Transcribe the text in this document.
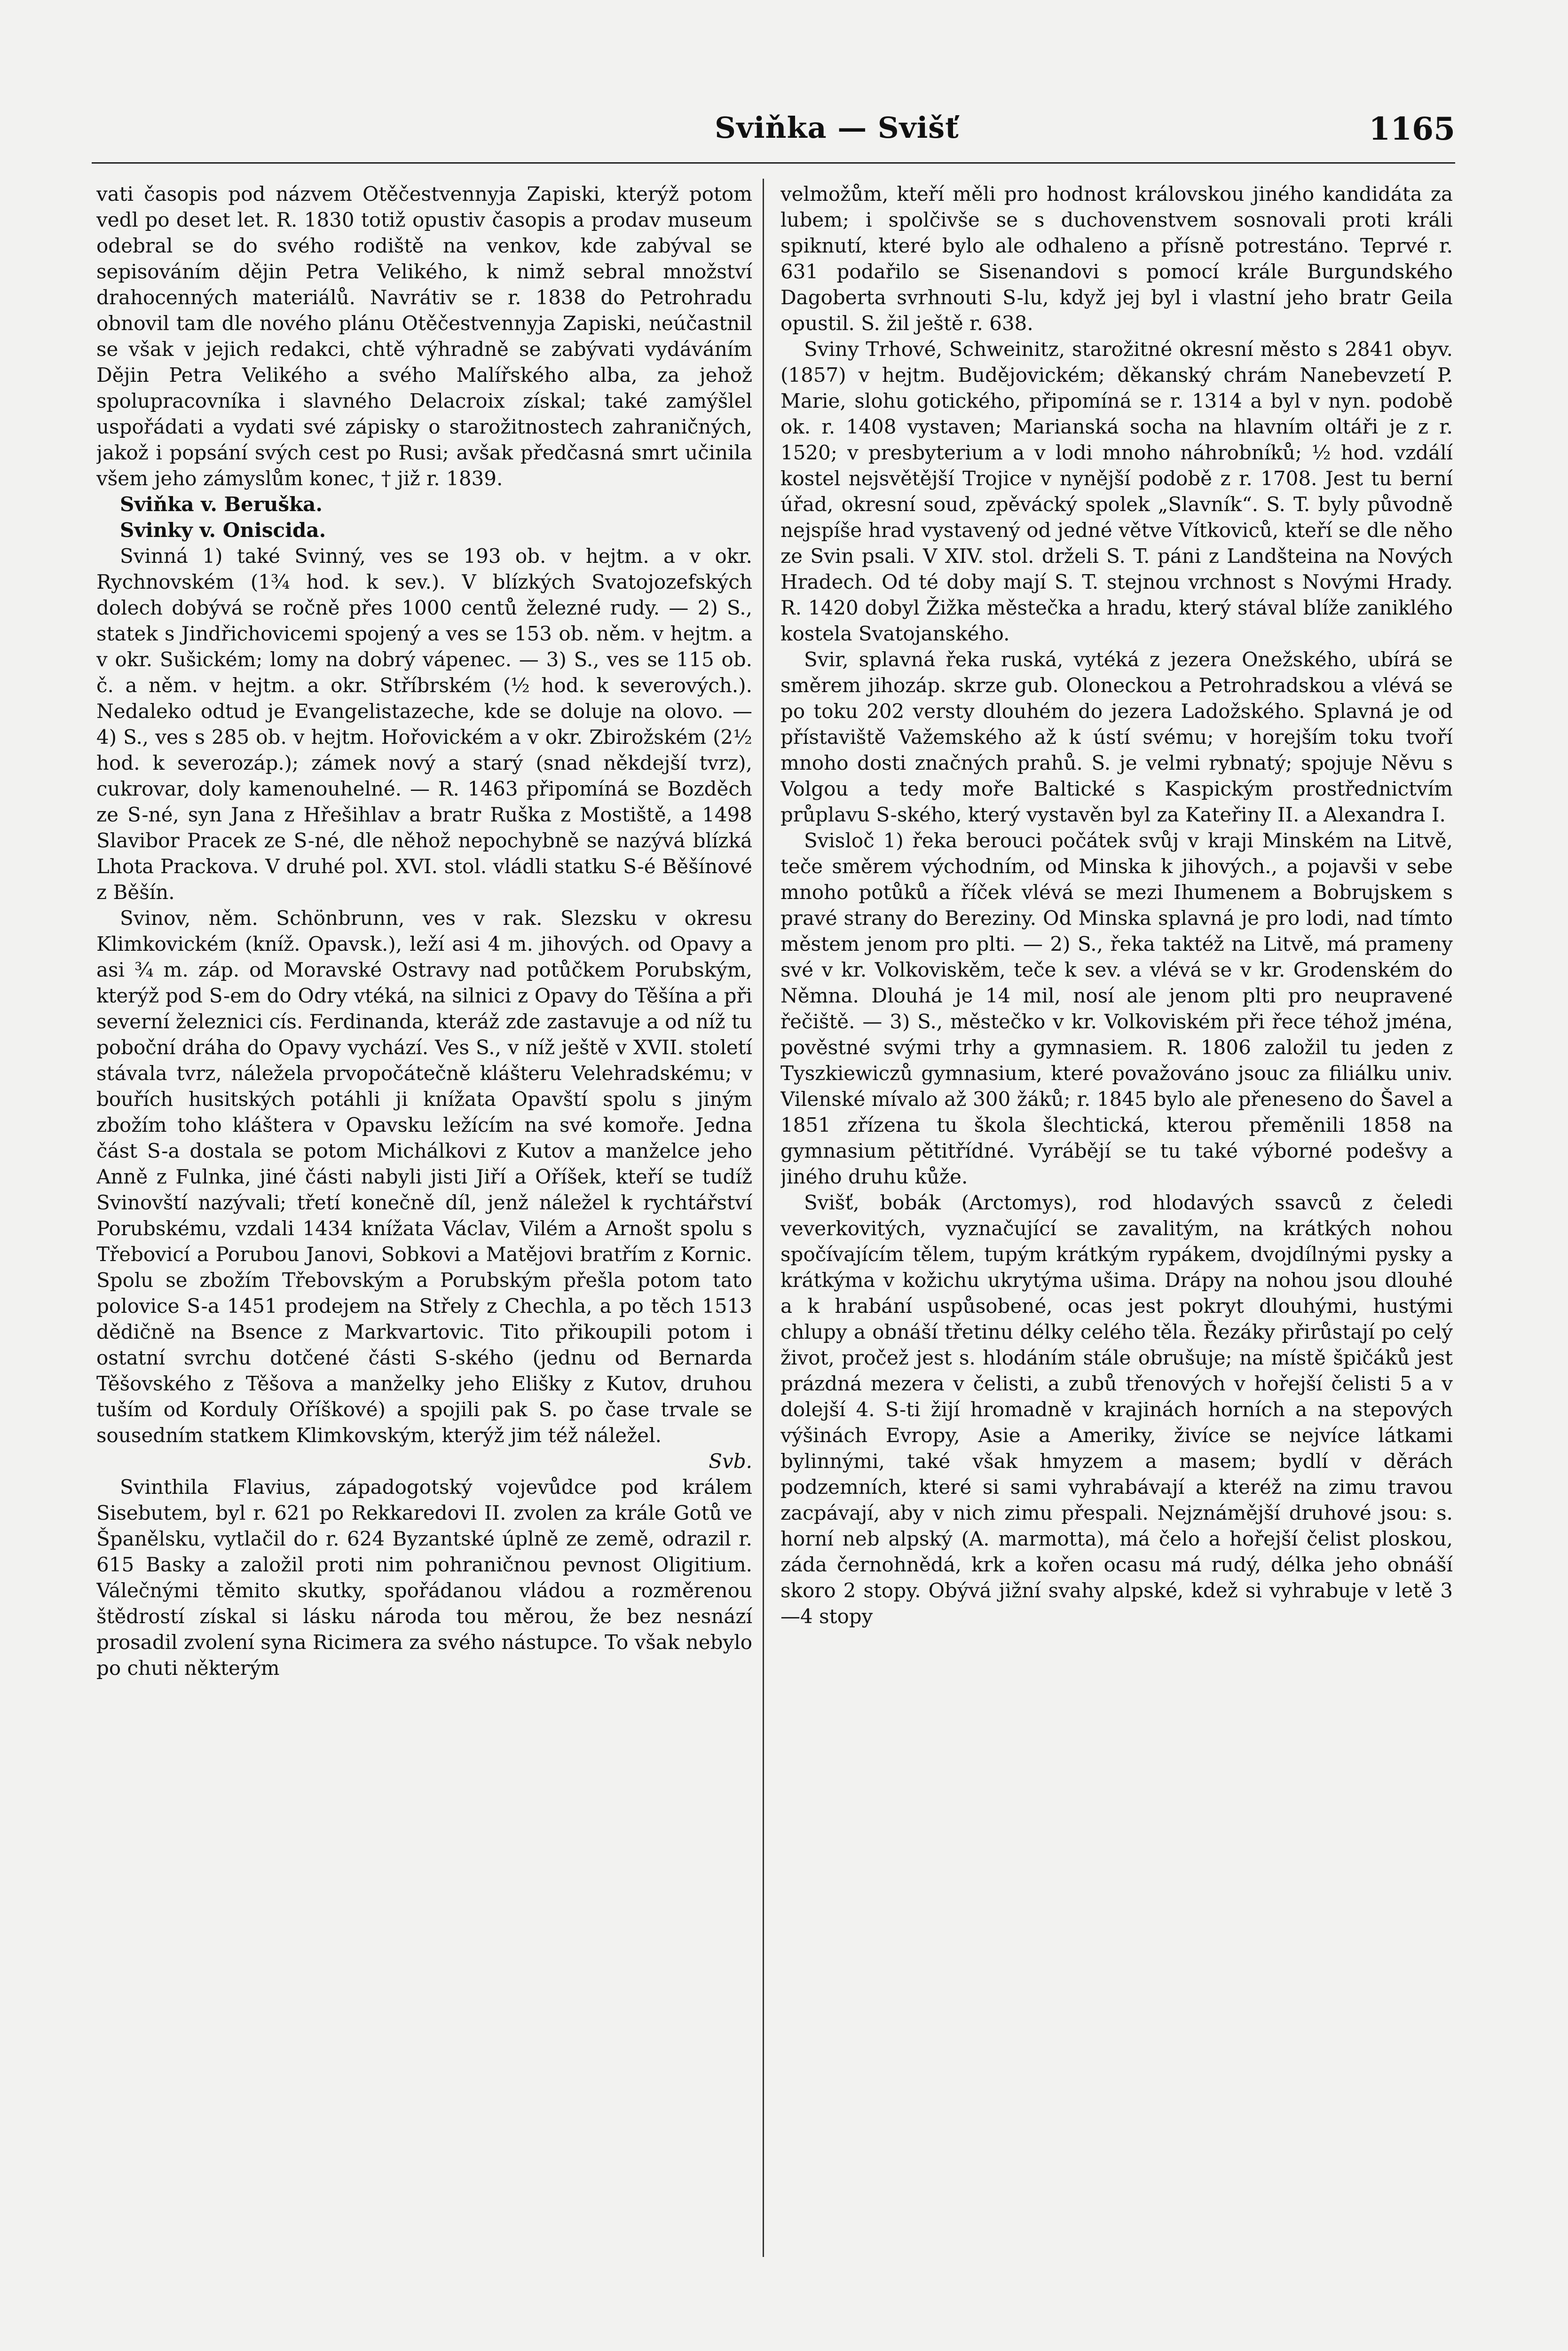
Sviňka — Svišť	1165

vati časopis pod názvem Otěčestvennyja Zapiski, kterýž potom vedl po deset let. R. 1830 totiž opustiv časopis a prodav museum odebral se do svého rodiště na venkov, kde zabýval se sepisováním dějin Petra Velikého, k nimž sebral množství drahocenných materiálů. Navrátiv se r. 1838 do Petrohradu obnovil tam dle nového plánu Otěčestvennyja Zapiski, neúčastnil se však v jejich redakci, chtě výhradně se zabývati vydáváním Dějin Petra Velikého a svého Malířského alba, za jehož spolupracovníka i slavného Delacroix získal; také zamýšlel uspořádati a vydati své zápisky o starožitnostech zahraničných, jakož i popsání svých cest po Rusi; avšak předčasná smrt učinila všem jeho zámyslům konec, † již r. 1839.

Sviňka v. Beruška.

Svinky v. Oniscida.

Svinná 1) také Svinný, ves se 193 ob. v hejtm. a v okr. Rychnovském (1¾ hod. k sev.). V blízkých Svatojozefských dolech dobývá se ročně přes 1000 centů železné rudy. — 2) S., statek s Jindřichovicemi spojený a ves se 153 ob. něm. v hejtm. a v okr. Sušickém; lomy na dobrý vápenec. — 3) S., ves se 115 ob. č. a něm. v hejtm. a okr. Stříbrském (½ hod. k severových.). Nedaleko odtud je Evangelistazeche, kde se doluje na olovo. — 4) S., ves s 285 ob. v hejtm. Hořovickém a v okr. Zbirožském (2½ hod. k severozáp.); zámek nový a starý (snad někdejší tvrz), cukrovar, doly kamenouhelné. — R. 1463 připomíná se Bozděch ze S-né, syn Jana z Hřešihlav a bratr Ruška z Mostiště, a 1498 Slavibor Pracek ze S-né, dle něhož nepochybně se nazývá blízká Lhota Prackova. V druhé pol. XVI. stol. vládli statku S-é Běšínové z Běšín.

Svinov, něm. Schönbrunn, ves v rak. Slezsku v okresu Klimkovickém (kníž. Opavsk.), leží asi 4 m. jihových. od Opavy a asi ¾ m. záp. od Moravské Ostravy nad potůčkem Porubským, kterýž pod S-em do Odry vtéká, na silnici z Opavy do Těšína a při severní železnici cís. Ferdinanda, kteráž zde zastavuje a od níž tu poboční dráha do Opavy vychází. Ves S., v níž ještě v XVII. století stávala tvrz, náležela prvopočátečně klášteru Velehradskému; v bouřích husitských potáhli ji knížata Opavští spolu s jiným zbožím toho kláštera v Opavsku ležícím na své komoře. Jedna část S-a dostala se potom Michálkovi z Kutov a manželce jeho Anně z Fulnka, jiné části nabyli jisti Jiří a Oříšek, kteří se tudíž Svinovští nazývali; třetí konečně díl, jenž náležel k rychtářství Porubskému, vzdali 1434 knížata Václav, Vilém a Arnošt spolu s Třebovicí a Porubou Janovi, Sobkovi a Matějovi bratřím z Kornic. Spolu se zbožím Třebovským a Porubským přešla potom tato polovice S-a 1451 prodejem na Střely z Chechla, a po těch 1513 dědičně na Bsence z Markvartovic. Tito přikoupili potom i ostatní svrchu dotčené části S-ského (jednu od Bernarda Těšovského z Těšova a manželky jeho Elišky z Kutov, druhou tuším od Korduly Oříškové) a spojili pak S. po čase trvale se sousedním statkem Klimkovským, kterýž jim též náležel.

Svb.

Svinthila Flavius, západogotský vojevůdce pod králem Sisebutem, byl r. 621 po Rekkaredovi II. zvolen za krále Gotů ve Španělsku, vytlačil do r. 624 Byzantské úplně ze země, odrazil r. 615 Basky a založil proti nim pohraničnou pevnost Oligitium. Válečnými těmito skutky, spořádanou vládou a rozměrenou štědrostí získal si lásku národa tou měrou, že bez nesnází prosadil zvolení syna Ricimera za svého nástupce. To však nebylo po chuti některým

velmožům, kteří měli pro hodnost královskou jiného kandidáta za lubem; i spolčivše se s duchovenstvem sosnovali proti králi spiknutí, které bylo ale odhaleno a přísně potrestáno. Teprvé r. 631 podařilo se Sisenandovi s pomocí krále Burgundského Dagoberta svrhnouti S-lu, když jej byl i vlastní jeho bratr Geila opustil. S. žil ještě r. 638.

Sviny Trhové, Schweinitz, starožitné okresní město s 2841 obyv. (1857) v hejtm. Budějovickém; děkanský chrám Nanebevzetí P. Marie, slohu gotického, připomíná se r. 1314 a byl v nyn. podobě ok. r. 1408 vystaven; Marianská socha na hlavním oltáři je z r. 1520; v presbyterium a v lodi mnoho náhrobníků; ½ hod. vzdálí kostel nejsvětější Trojice v nynější podobě z r. 1708. Jest tu berní úřad, okresní soud, zpěvácký spolek „Slavník“. S. T. byly původně nejspíše hrad vystavený od jedné větve Vítkoviců, kteří se dle něho ze Svin psali. V XIV. stol. drželi S. T. páni z Landšteina na Nových Hradech. Od té doby mají S. T. stejnou vrchnost s Novými Hrady. R. 1420 dobyl Žižka městečka a hradu, který stával blíže zaniklého kostela Svatojanského.

Svir, splavná řeka ruská, vytéká z jezera Onežského, ubírá se směrem jihozáp. skrze gub. Oloneckou a Petrohradskou a vlévá se po toku 202 versty dlouhém do jezera Ladožského. Splavná je od přístaviště Važemského až k ústí svému; v horejším toku tvoří mnoho dosti značných prahů. S. je velmi rybnatý; spojuje Něvu s Volgou a tedy moře Baltické s Kaspickým prostřednictvím průplavu S-ského, který vystavěn byl za Kateřiny II. a Alexandra I.

Svisloč 1) řeka berouci počátek svůj v kraji Minském na Litvě, teče směrem východním, od Minska k jihových., a pojavši v sebe mnoho potůků a říček vlévá se mezi Ihumenem a Bobrujskem s pravé strany do Bereziny. Od Minska splavná je pro lodi, nad tímto městem jenom pro plti. — 2) S., řeka taktéž na Litvě, má prameny své v kr. Volkoviskěm, teče k sev. a vlévá se v kr. Grodenském do Němna. Dlouhá je 14 mil, nosí ale jenom plti pro neupravené řečiště. — 3) S., městečko v kr. Volkoviském při řece téhož jména, pověstné svými trhy a gymnasiem. R. 1806 založil tu jeden z Tyszkiewiczů gymnasium, které považováno jsouc za filiálku univ. Vilenské mívalo až 300 žáků; r. 1845 bylo ale přeneseno do Šavel a 1851 zřízena tu škola šlechtická, kterou přeměnili 1858 na gymnasium pětitřídné. Vyrábějí se tu také výborné podešvy a jiného druhu kůže.

Svišť, bobák (Arctomys), rod hlodavých ssavců z čeledi veverkovitých, vyznačující se zavalitým, na krátkých nohou spočívajícím tělem, tupým krátkým rypákem, dvojdílnými pysky a krátkýma v kožichu ukrytýma ušima. Drápy na nohou jsou dlouhé a k hrabání uspůsobené, ocas jest pokryt dlouhými, hustými chlupy a obnáší třetinu délky celého těla. Řezáky přirůstají po celý život, pročež jest s. hlodáním stále obrušuje; na místě špičáků jest prázdná mezera v čelisti, a zubů třenových v hořejší čelisti 5 a v dolejší 4. S-ti žijí hromadně v krajinách horních a na stepových výšinách Evropy, Asie a Ameriky, živíce se nejvíce látkami bylinnými, také však hmyzem a masem; bydlí v děrách podzemních, které si sami vyhrabávají a kteréž na zimu travou zacpávají, aby v nich zimu přespali. Nejznámější druhové jsou: s. horní neb alpský (A. marmotta), má čelo a hořejší čelist ploskou, záda černohnědá, krk a kořen ocasu má rudý, délka jeho obnáší skoro 2 stopy. Obývá jižní svahy alpské, kdež si vyhrabuje v letě 3—4 stopy
